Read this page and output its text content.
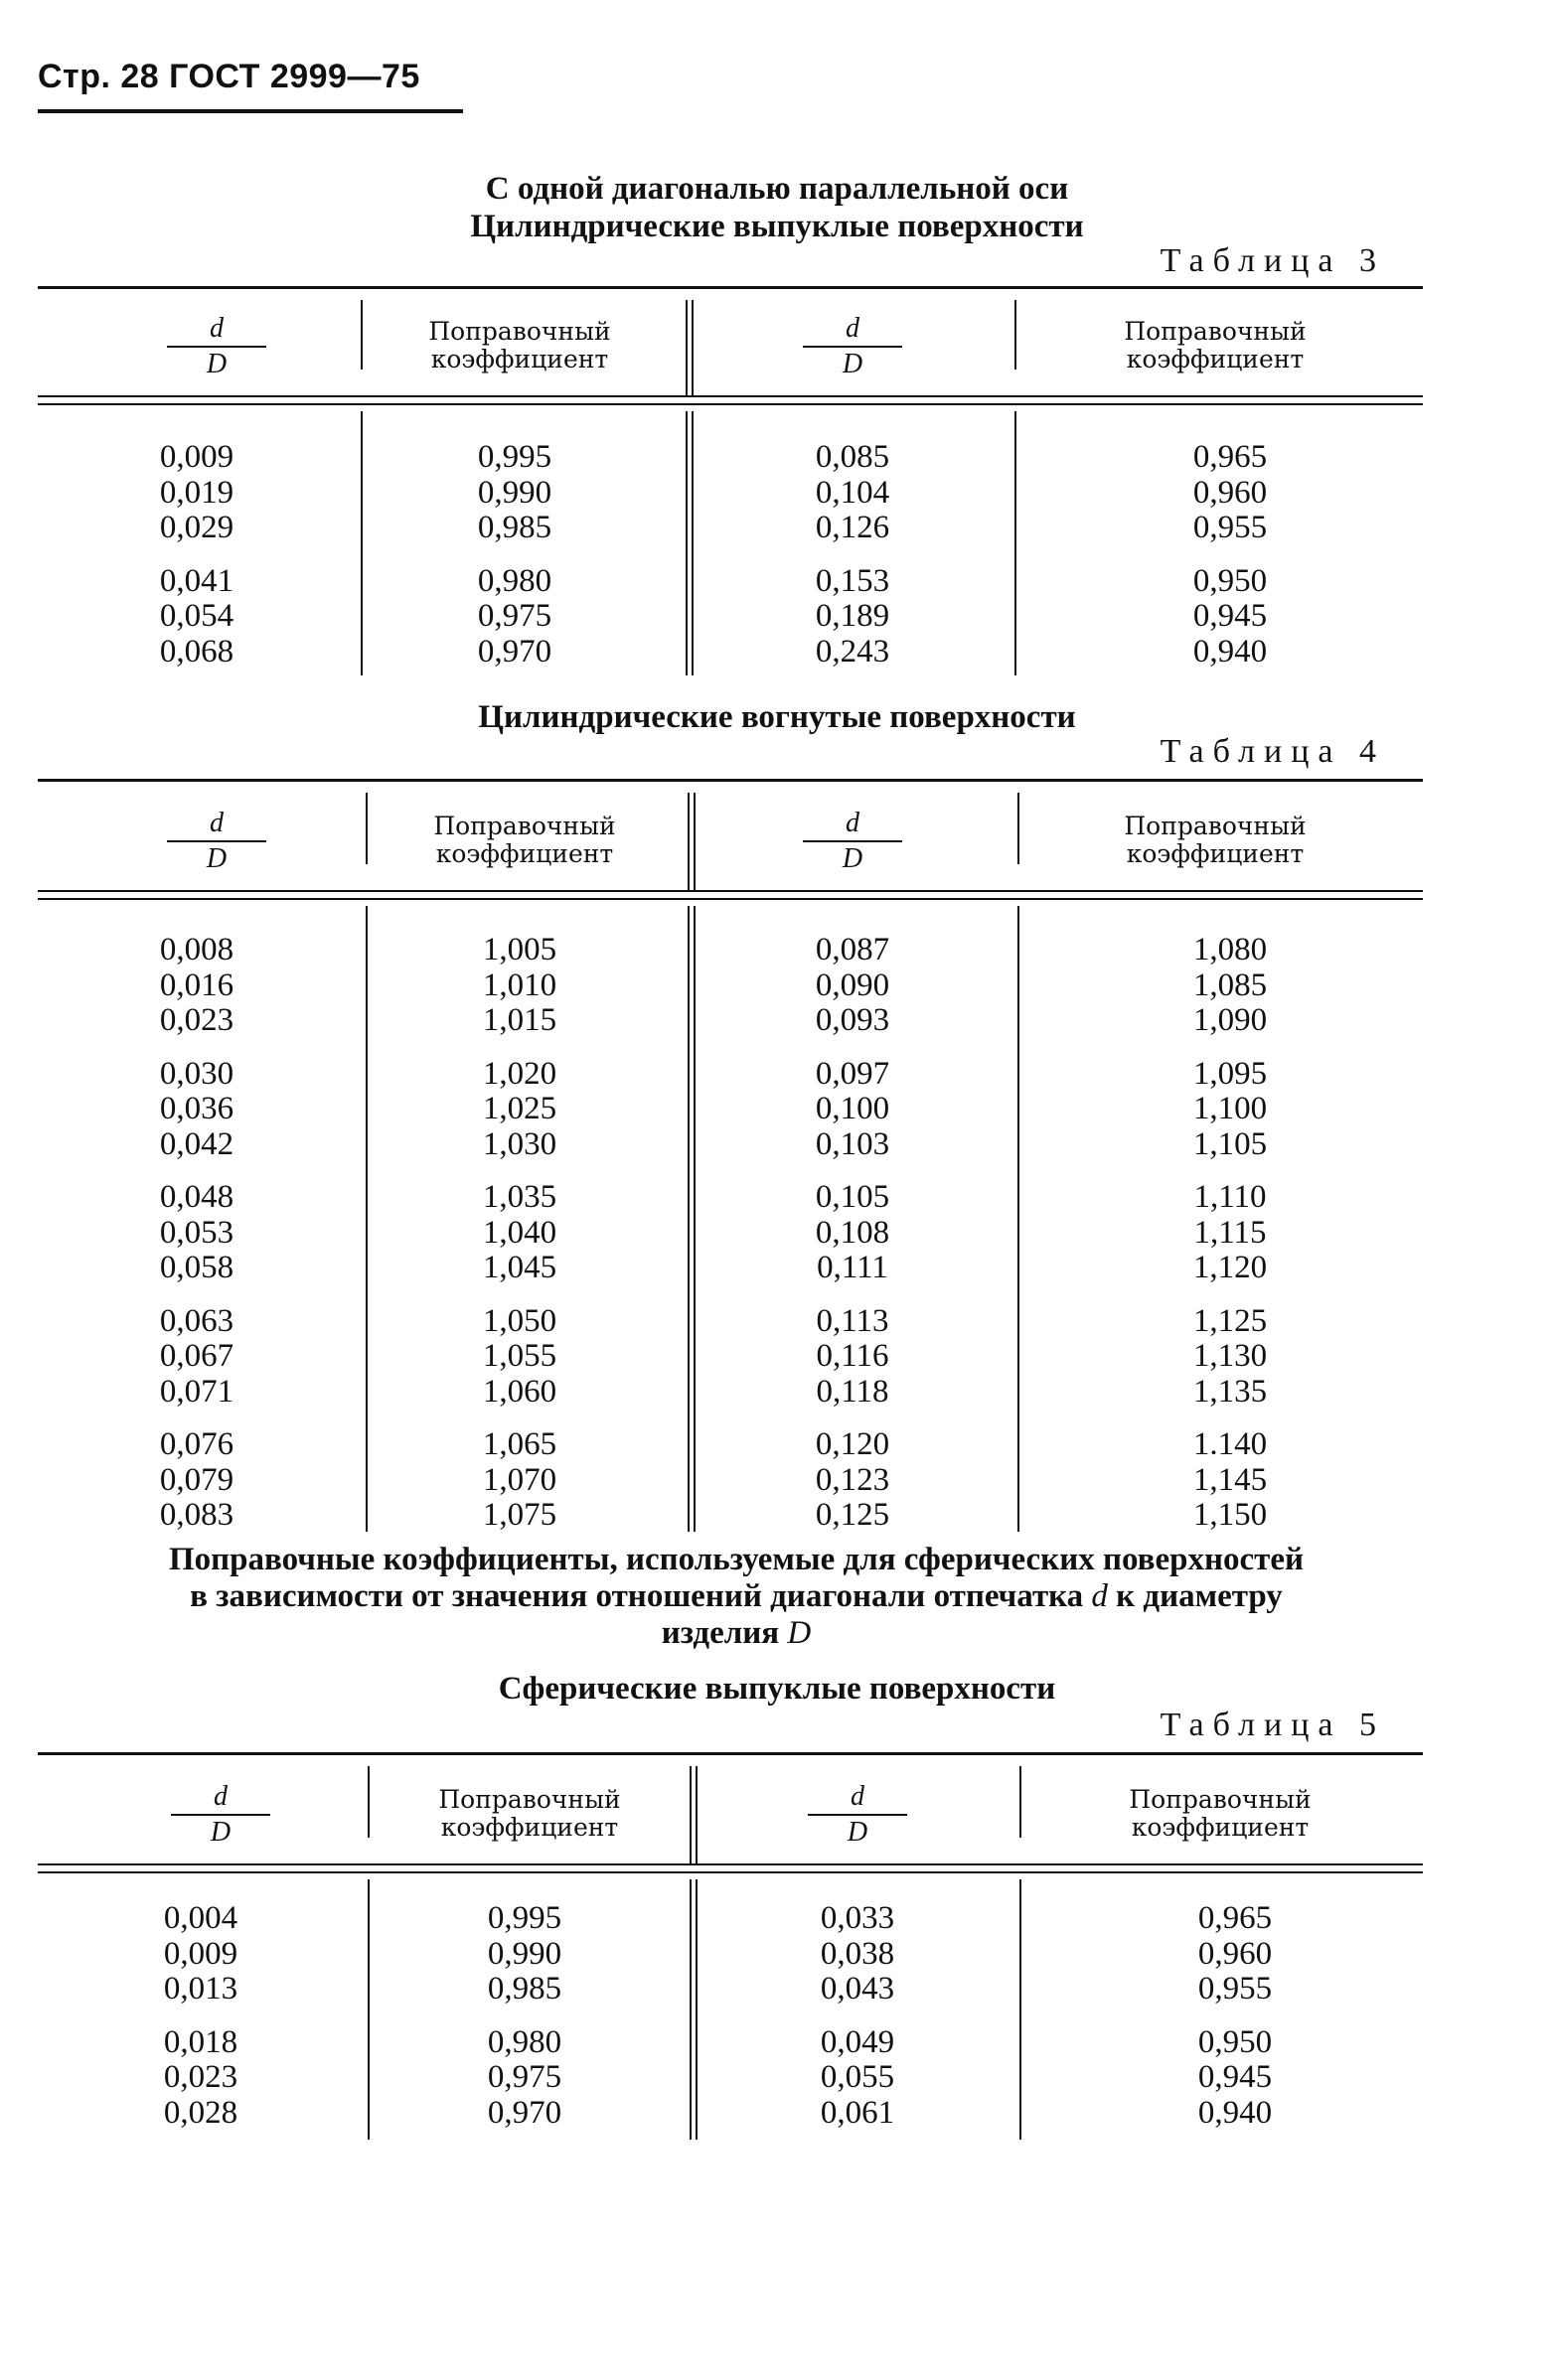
Стр. 28 ГОСТ 2999—75
С одной диагональю параллельной оси
Цилиндрические выпуклые поверхности
Таблица 3
d
D
Поправочный коэффициент
d
D
Поправочный коэффициент
0,009
0,019
0,029
0,041
0,054
0,068
0,995
0,990
0,985
0,980
0,975
0,970
0,085
0,104
0,126
0,153
0,189
0,243
0,965
0,960
0,955
0,950
0,945
0,940
Цилиндрические вогнутые поверхности
Таблица 4
d
D
Поправочный коэффициент
d
D
Поправочный коэффициент
0,008
0,016
0,023
0,030
0,036
0,042
0,048
0,053
0,058
0,063
0,067
0,071
0,076
0,079
0,083
1,005
1,010
1,015
1,020
1,025
1,030
1,035
1,040
1,045
1,050
1,055
1,060
1,065
1,070
1,075
0,087
0,090
0,093
0,097
0,100
0,103
0,105
0,108
0,111
0,113
0,116
0,118
0,120
0,123
0,125
1,080
1,085
1,090
1,095
1,100
1,105
1,110
1,115
1,120
1,125
1,130
1,135
1.140
1,145
1,150
Поправочные коэффициенты, используемые для сферических поверхностей
в зависимости от значения отношений диагонали отпечатка d к диаметру
изделия D
Сферические выпуклые поверхности
Таблица 5
d
D
Поправочный коэффициент
d
D
Поправочный коэффициент
0,004
0,009
0,013
0,018
0,023
0,028
0,995
0,990
0,985
0,980
0,975
0,970
0,033
0,038
0,043
0,049
0,055
0,061
0,965
0,960
0,955
0,950
0,945
0,940
